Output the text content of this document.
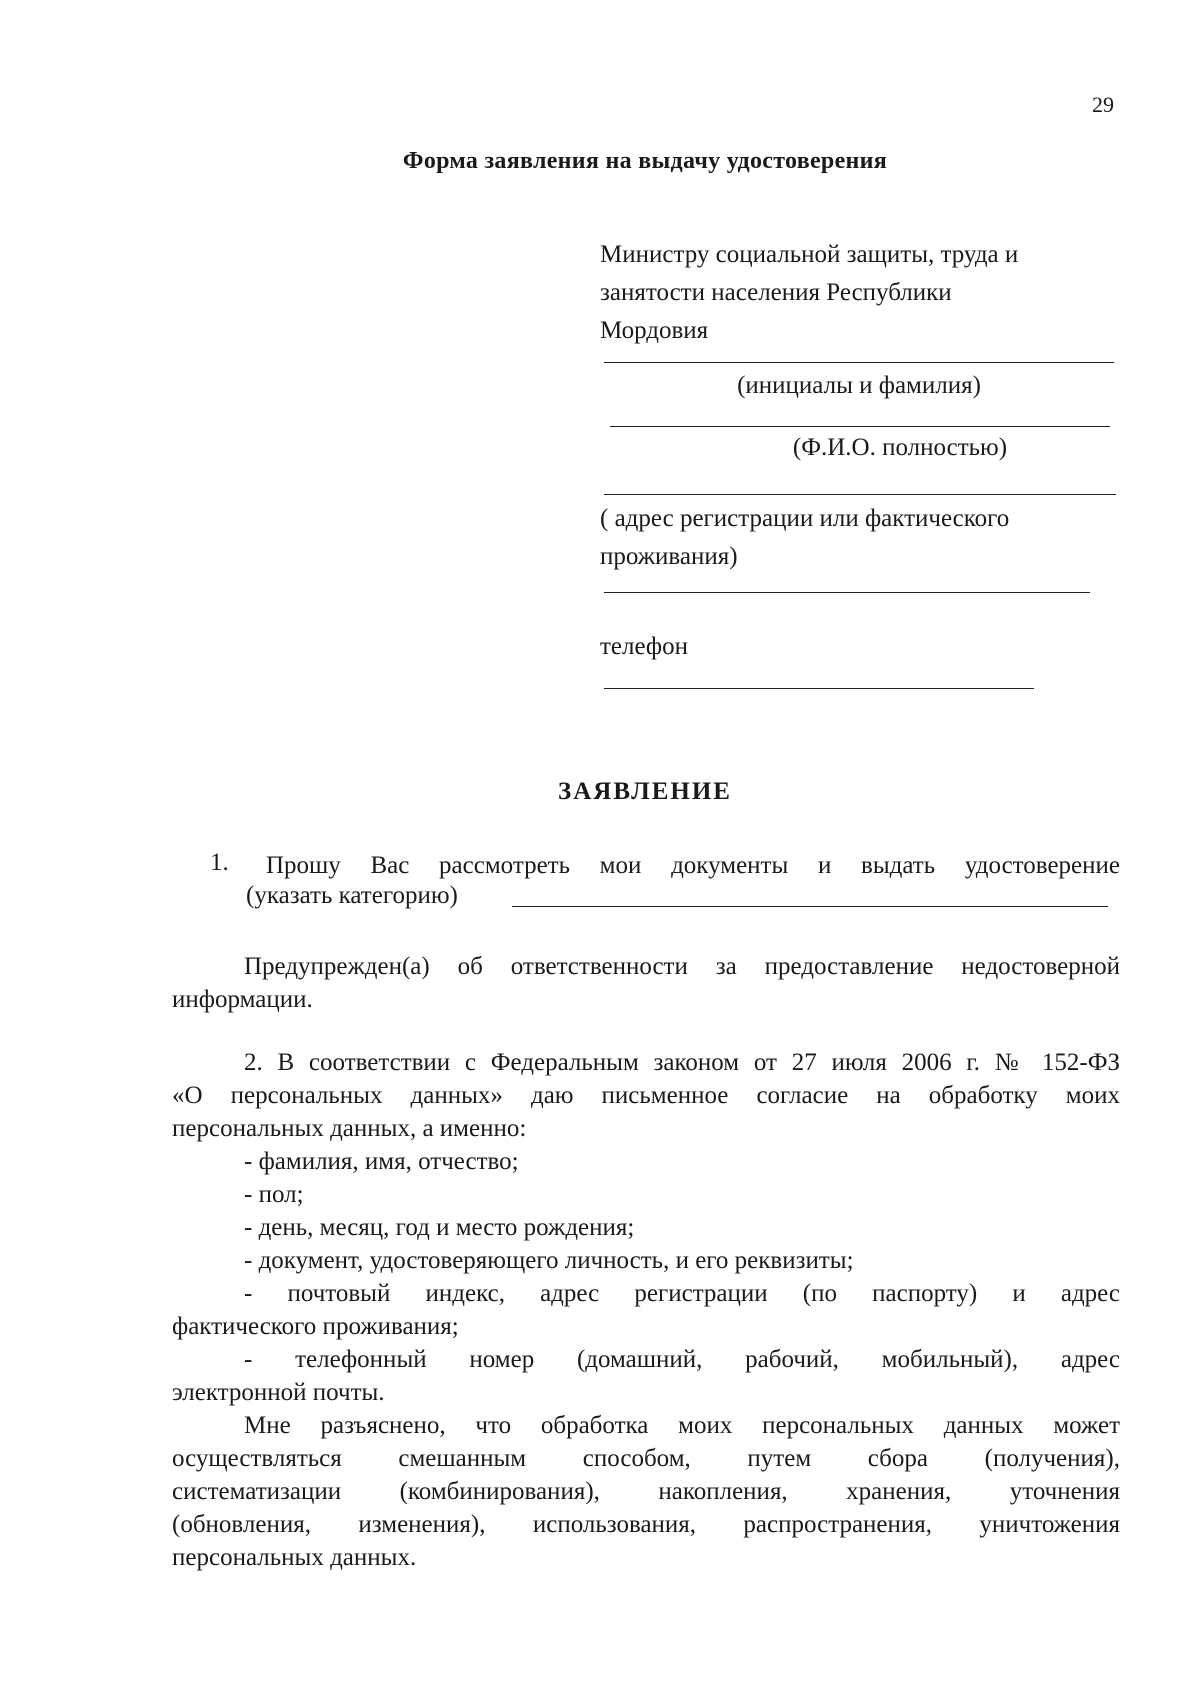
29
Форма заявления на выдачу удостоверения
Министру социальной защиты, труда и
занятости населения Республики
Мордовия
(инициалы и фамилия)
(Ф.И.О. полностью)
( адрес регистрации или фактического
проживания)
телефон
ЗАЯВЛЕНИЕ
1. Прошу Вас рассмотреть мои документы и выдать удостоверение
(указать категорию)
Предупрежден(а) об ответственности за предоставление недостоверной
информации.
2. В соответствии с Федеральным законом от 27 июля 2006 г. № 152-ФЗ
«О персональных данных» даю письменное согласие на обработку моих
персональных данных, а именно:

- фамилия, имя, отчество;

- пол;

- день, месяц, год и место рождения;

- документ, удостоверяющего личность, и его реквизиты;

- почтовый индекс, адрес регистрации (по паспорту) и адрес
фактического проживания;
- телефонный номер (домашний, рабочий, мобильный), адрес
электронной почты.
Мне разъяснено, что обработка моих персональных данных может
осуществляться смешанным способом, путем сбора (получения),
систематизации (комбинирования), накопления, хранения, уточнения
(обновления, изменения), использования, распространения, уничтожения
персональных данных.
